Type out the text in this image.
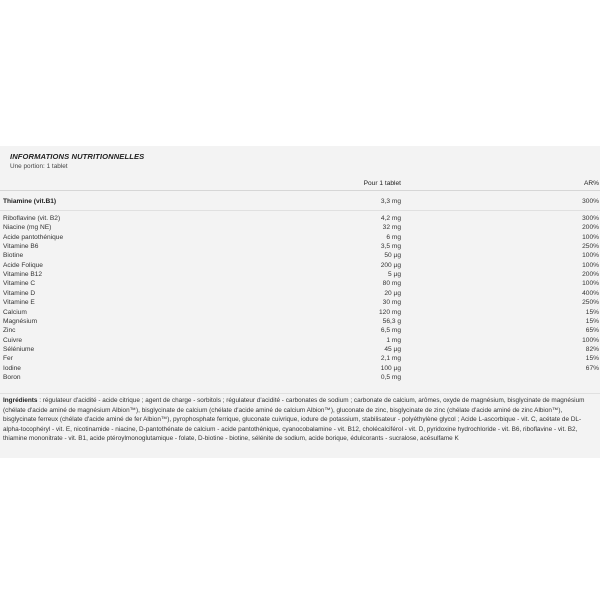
INFORMATIONS NUTRITIONNELLES
Une portion: 1 tablet
Pour 1 tablet	AR%
Thiamine (vit.B1)	3,3 mg	300%
Riboflavine (vit. B2)	4,2 mg	300%
Niacine (mg NE)	32 mg	200%
Acide pantothénique	6 mg	100%
Vitamine B6	3,5 mg	250%
Biotine	50 µg	100%
Acide Folique	200 µg	100%
Vitamine B12	5 µg	200%
Vitamine C	80 mg	100%
Vitamine D	20 µg	400%
Vitamine E	30 mg	250%
Calcium	120 mg	15%
Magnésium	56,3 g	15%
Zinc	6,5 mg	65%
Cuivre	1 mg	100%
Séléniume	45 µg	82%
Fer	2,1 mg	15%
Iodine	100 µg	67%
Boron	0,5 mg
Ingrédients : régulateur d'acidité - acide citrique ; agent de charge - sorbitols ; régulateur d'acidité - carbonates de sodium ; carbonate de calcium, arômes, oxyde de magnésium, bisglycinate de magnésium (chélate d'acide aminé de magnésium Albion™), bisglycinate de calcium (chélate d'acide aminé de calcium Albion™), gluconate de zinc, bisglycinate de zinc (chélate d'acide aminé de zinc Albion™), bisglycinate ferreux (chélate d'acide aminé de fer Albion™), pyrophosphate ferrique, gluconate cuivrique, iodure de potassium, stabilisateur - polyéthylène glycol ; Acide L-ascorbique - vit. C, acétate de DL-alpha-tocophéryl - vit. E, nicotinamide - niacine, D-pantothénate de calcium - acide pantothénique, cyanocobalamine - vit. B12, cholécalciférol - vit. D, pyridoxine hydrochloride - vit. B6, riboflavine - vit. B2, thiamine mononitrate - vit. B1, acide ptéroylmonoglutamique - folate, D-biotine - biotine, sélénite de sodium, acide borique, édulcorants - sucralose, acésulfame K
